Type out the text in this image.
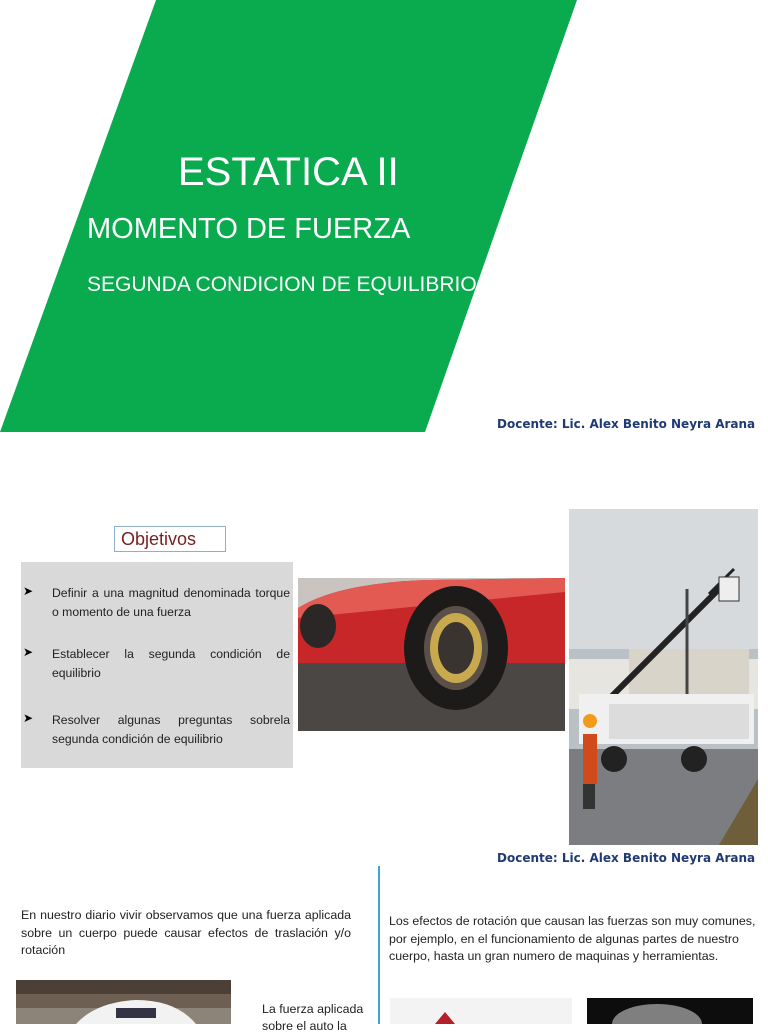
ESTATICA II
MOMENTO DE FUERZA
SEGUNDA CONDICION DE EQUILIBRIO
Docente: Lic. Alex Benito Neyra Arana
Objetivos
➤ Definir a una magnitud denominada torque o momento de una fuerza
➤ Establecer la segunda condición de equilibrio
➤ Resolver algunas preguntas sobrela segunda condición de equilibrio
Docente: Lic. Alex Benito Neyra Arana
En nuestro diario vivir observamos que una fuerza aplicada sobre un cuerpo puede causar efectos de traslación y/o rotación
Los efectos de rotación que causan las fuerzas son muy comunes, por ejemplo, en el funcionamiento de algunas partes de nuestro cuerpo, hasta un gran numero de maquinas y herramientas.
La fuerza aplicada sobre el auto la
